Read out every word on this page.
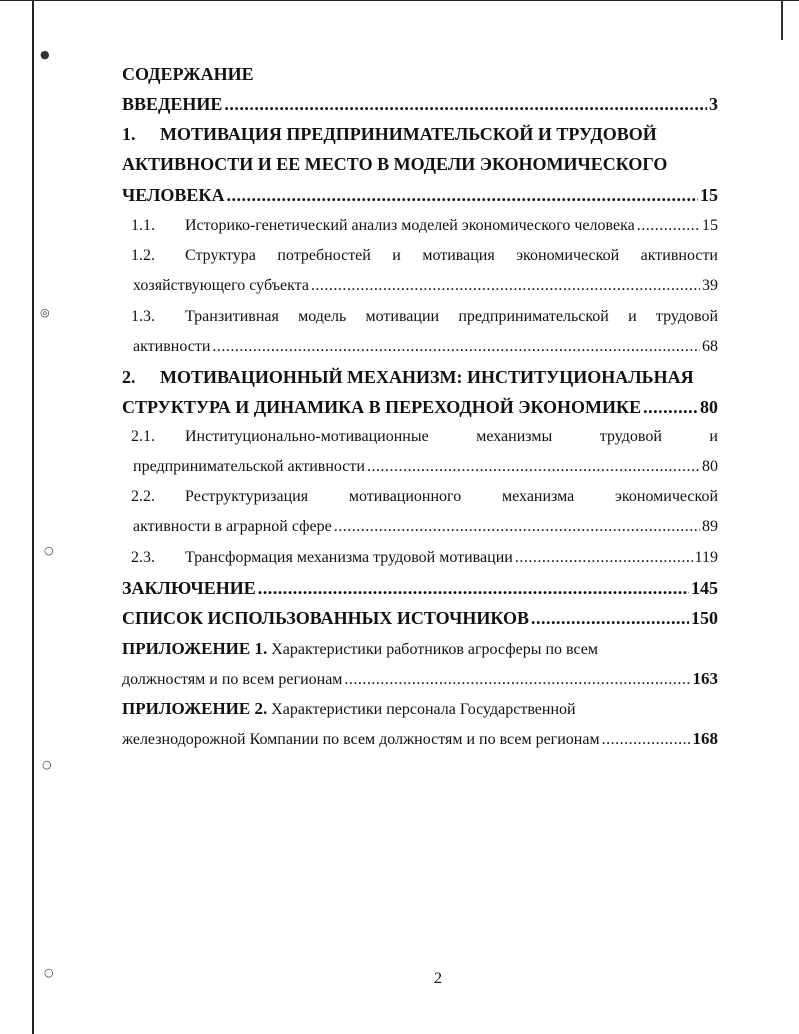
●
◎
○
○
○
СОДЕРЖАНИЕ
ВВЕДЕНИЕ .....	3
1.	МОТИВАЦИЯ ПРЕДПРИНИМАТЕЛЬСКОЙ И ТРУДОВОЙ
АКТИВНОСТИ И ЕЕ МЕСТО В МОДЕЛИ ЭКОНОМИЧЕСКОГО
ЧЕЛОВЕКА .....	15
1.1.	Историко-генетический анализ моделей экономического человека .....	15
1.2.	Структура потребностей и мотивация экономической активности
хозяйствующего субъекта .....	39
1.3.	Транзитивная модель мотивации предпринимательской и трудовой
активности .....	68
2.	МОТИВАЦИОННЫЙ МЕХАНИЗМ: ИНСТИТУЦИОНАЛЬНАЯ
СТРУКТУРА И ДИНАМИКА В ПЕРЕХОДНОЙ ЭКОНОМИКЕ .....	80
2.1.	Институционально-мотивационные механизмы трудовой и
предпринимательской активности .....	80
2.2.	Реструктуризация мотивационного механизма экономической
активности в аграрной сфере .....	89
2.3.	Трансформация механизма трудовой мотивации .....	119
ЗАКЛЮЧЕНИЕ .....	145
СПИСОК ИСПОЛЬЗОВАННЫХ ИСТОЧНИКОВ .....	150
ПРИЛОЖЕНИЕ 1.
Характеристики работников агросферы по всем
должностям и по всем регионам .....	163
ПРИЛОЖЕНИЕ 2.
Характеристики персонала Государственной
железнодорожной Компании по всем должностям и по всем регионам .....	168
2
